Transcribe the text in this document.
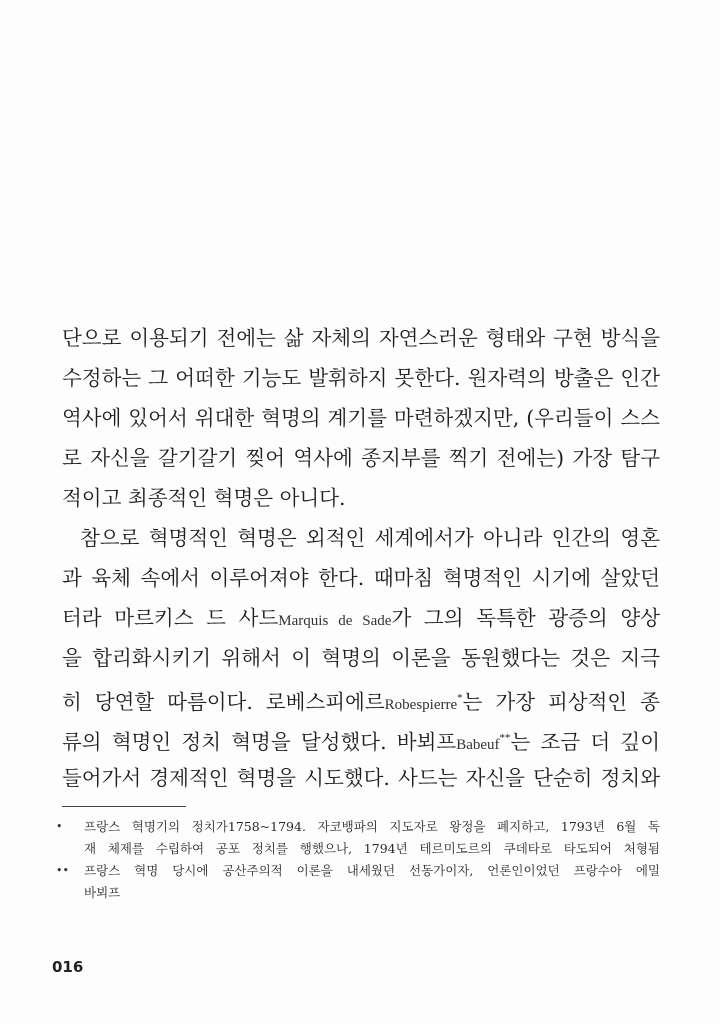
단으로 이용되기 전에는 삶 자체의 자연스러운 형태와 구현 방식을
수정하는 그 어떠한 기능도 발휘하지 못한다. 원자력의 방출은 인간
역사에 있어서 위대한 혁명의 계기를 마련하겠지만, (우리들이 스스
로 자신을 갈기갈기 찢어 역사에 종지부를 찍기 전에는) 가장 탐구
적이고 최종적인 혁명은 아니다.
참으로 혁명적인 혁명은 외적인 세계에서가 아니라 인간의 영혼
과 육체 속에서 이루어져야 한다. 때마침 혁명적인 시기에 살았던
터라 마르키스 드 사드Marquis de Sade가 그의 독특한 광증의 양상
을 합리화시키기 위해서 이 혁명의 이론을 동원했다는 것은 지극
히 당연할 따름이다. 로베스피에르Robespierre*는 가장 피상적인 종
류의 혁명인 정치 혁명을 달성했다. 바뵈프Babeuf**는 조금 더 깊이
들어가서 경제적인 혁명을 시도했다. 사드는 자신을 단순히 정치와
• 프랑스 혁명기의 정치가1758~1794. 자코뱅파의 지도자로 왕정을 폐지하고, 1793년 6월 독
재 체제를 수립하여 공포 정치를 행했으나, 1794년 테르미도르의 쿠데타로 타도되어 처형됨
•• 프랑스 혁명 당시에 공산주의적 이론을 내세웠던 선동가이자, 언론인이었던 프랑수아 에밀
바뵈프
016
